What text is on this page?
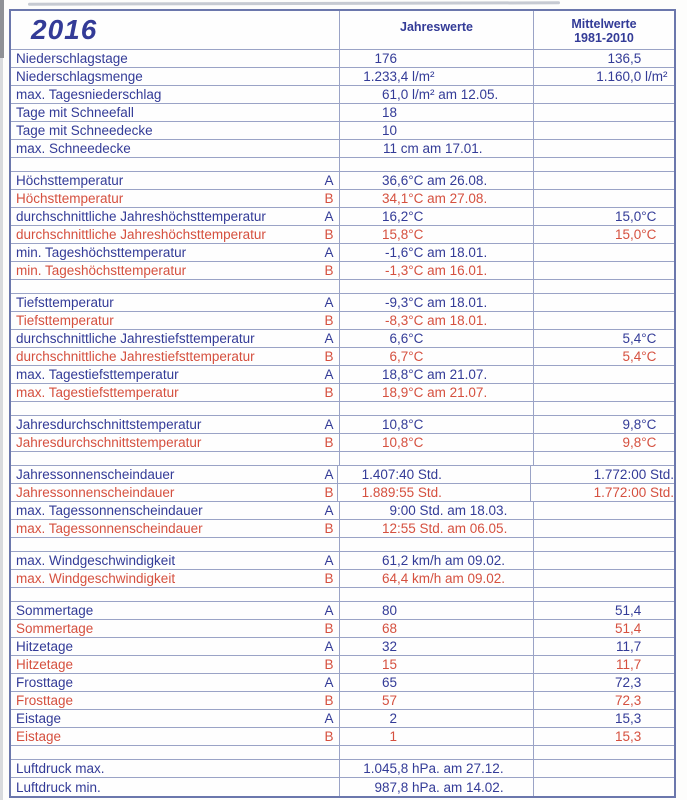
2016	Jahreswerte	Mittelwerte
1981-2010
Niederschlagstage	176	136,5
Niederschlagsmenge	1.233,4 l/m²	1.160,0 l/m²
max. Tagesniederschlag	61,0 l/m² am 12.05.
Tage mit Schneefall	18
Tage mit Schneedecke	10
max. Schneedecke	11 cm am 17.01.
Höchsttemperatur	A	36,6°C am 26.08.
Höchsttemperatur	B	34,1°C am 27.08.
durchschnittliche Jahreshöchsttemperatur	A	16,2°C	15,0°C
durchschnittliche Jahreshöchsttemperatur	B	15,8°C	15,0°C
min. Tageshöchsttemperatur	A	-1,6°C am 18.01.
min. Tageshöchsttemperatur	B	-1,3°C am 16.01.
Tiefsttemperatur	A	-9,3°C am 18.01.
Tiefsttemperatur	B	-8,3°C am 18.01.
durchschnittliche Jahrestiefsttemperatur	A	6,6°C	5,4°C
durchschnittliche Jahrestiefsttemperatur	B	6,7°C	5,4°C
max. Tagestiefsttemperatur	A	18,8°C am 21.07.
max. Tagestiefsttemperatur	B	18,9°C am 21.07.
Jahresdurchschnittstemperatur	A	10,8°C	9,8°C
Jahresdurchschnittstemperatur	B	10,8°C	9,8°C
Jahressonnenscheindauer	A	1.407:40 Std.	1.772:00 Std.
Jahressonnenscheindauer	B	1.889:55 Std.	1.772:00 Std.
max. Tagessonnenscheindauer	A	9:00 Std. am 18.03.
max. Tagessonnenscheindauer	B	12:55 Std. am 06.05.
max. Windgeschwindigkeit	A	61,2 km/h am 09.02.
max. Windgeschwindigkeit	B	64,4 km/h am 09.02.
Sommertage	A	80	51,4
Sommertage	B	68	51,4
Hitzetage	A	32	11,7
Hitzetage	B	15	11,7
Frosttage	A	65	72,3
Frosttage	B	57	72,3
Eistage	A	2	15,3
Eistage	B	1	15,3
Luftdruck max.	1.045,8 hPa. am 27.12.
Luftdruck min.	987,8 hPa. am 14.02.
